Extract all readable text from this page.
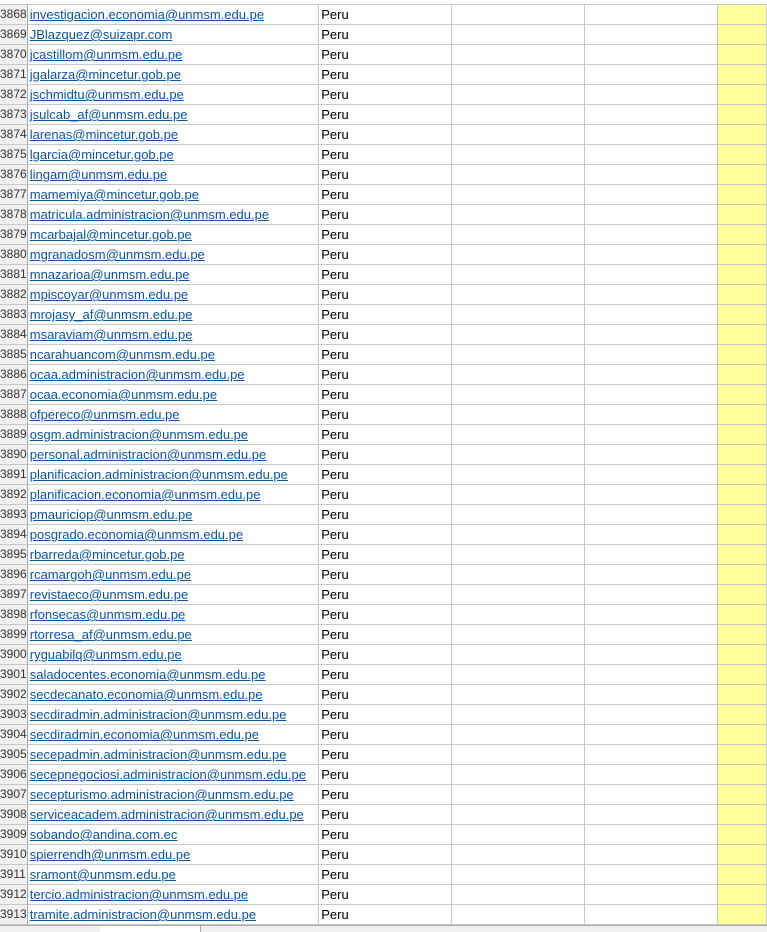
3868 investigacion.economia@unmsm.edu.pe	Peru
3869 JBlazquez@suizapr.com	Peru
3870 jcastillom@unmsm.edu.pe	Peru
3871 jgalarza@mincetur.gob.pe	Peru
3872 jschmidtu@unmsm.edu.pe	Peru
3873 jsulcab_af@unmsm.edu.pe	Peru
3874 larenas@mincetur.gob.pe	Peru
3875 lgarcia@mincetur.gob.pe	Peru
3876 lingam@unmsm.edu.pe	Peru
3877 mamemiya@mincetur.gob.pe	Peru
3878 matricula.administracion@unmsm.edu.pe	Peru
3879 mcarbajal@mincetur.gob.pe	Peru
3880 mgranadosm@unmsm.edu.pe	Peru
3881 mnazarioa@unmsm.edu.pe	Peru
3882 mpiscoyar@unmsm.edu.pe	Peru
3883 mrojasy_af@unmsm.edu.pe	Peru
3884 msaraviam@unmsm.edu.pe	Peru
3885 ncarahuancom@unmsm.edu.pe	Peru
3886 ocaa.administracion@unmsm.edu.pe	Peru
3887 ocaa.economia@unmsm.edu.pe	Peru
3888 ofpereco@unmsm.edu.pe	Peru
3889 osgm.administracion@unmsm.edu.pe	Peru
3890 personal.administracion@unmsm.edu.pe	Peru
3891 planificacion.administracion@unmsm.edu.pe	Peru
3892 planificacion.economia@unmsm.edu.pe	Peru
3893 pmauriciop@unmsm.edu.pe	Peru
3894 posgrado.economia@unmsm.edu.pe	Peru
3895 rbarreda@mincetur.gob.pe	Peru
3896 rcamargoh@unmsm.edu.pe	Peru
3897 revistaeco@unmsm.edu.pe	Peru
3898 rfonsecas@unmsm.edu.pe	Peru
3899 rtorresa_af@unmsm.edu.pe	Peru
3900 ryguabilq@unmsm.edu.pe	Peru
3901 saladocentes.economia@unmsm.edu.pe	Peru
3902 secdecanato.economia@unmsm.edu.pe	Peru
3903 secdiradmin.administracion@unmsm.edu.pe	Peru
3904 secdiradmin.economia@unmsm.edu.pe	Peru
3905 secepadmin.administracion@unmsm.edu.pe	Peru
3906 secepnegociosi.administracion@unmsm.edu.pe	Peru
3907 secepturismo.administracion@unmsm.edu.pe	Peru
3908 serviceacadem.administracion@unmsm.edu.pe	Peru
3909 sobando@andina.com.ec	Peru
3910 spierrendh@unmsm.edu.pe	Peru
3911 sramont@unmsm.edu.pe	Peru
3912 tercio.administracion@unmsm.edu.pe	Peru
3913 tramite.administracion@unmsm.edu.pe	Peru
